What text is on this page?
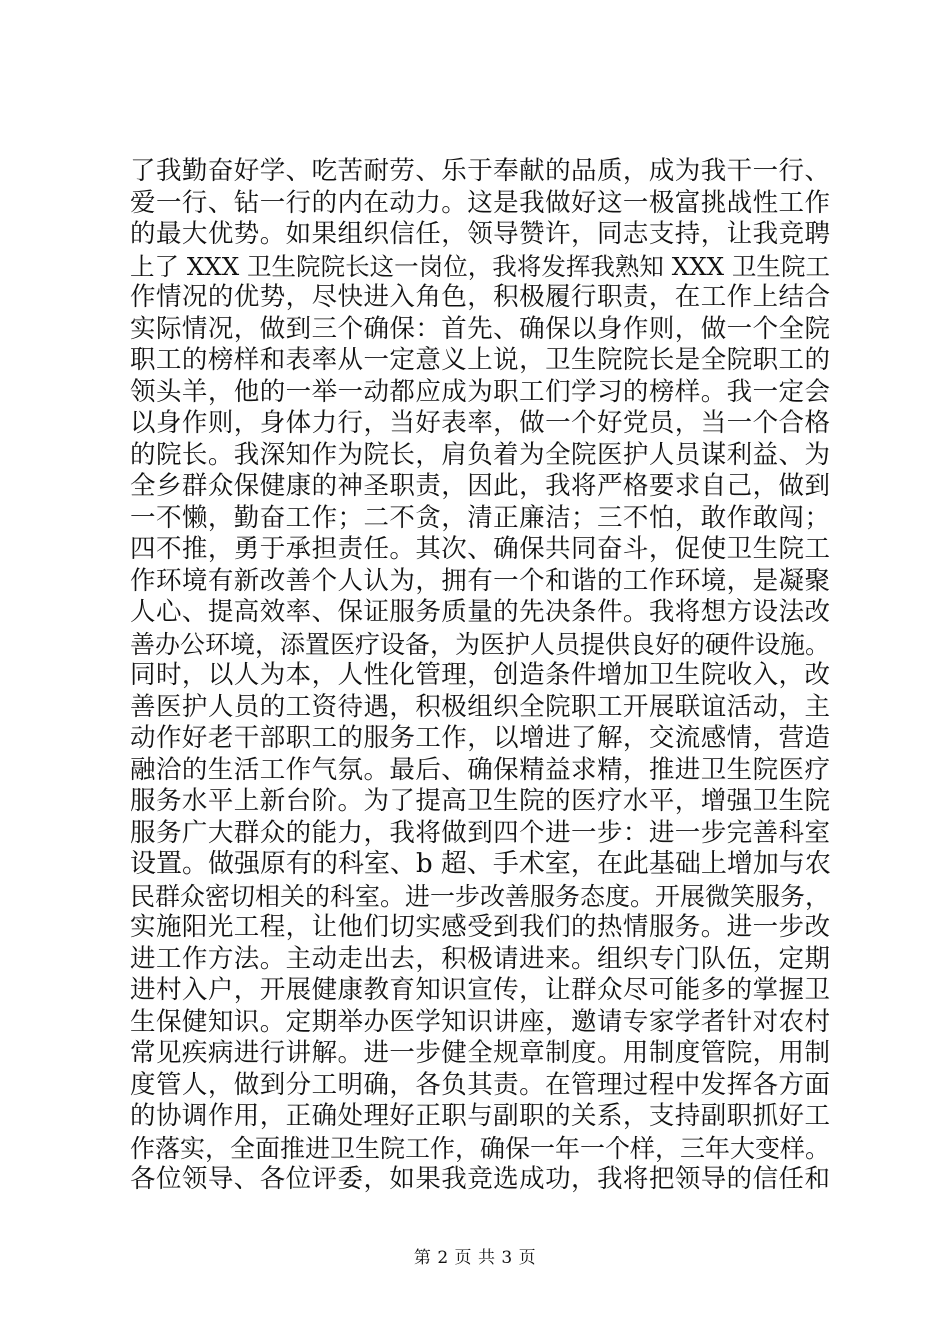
了我勤奋好学、吃苦耐劳、乐于奉献的品质，成为我干一行、
爱一行、钻一行的内在动力。这是我做好这一极富挑战性工作
的最大优势。如果组织信任，领导赞许，同志支持，让我竞聘
上了 XXX 卫生院院长这一岗位，我将发挥我熟知 XXX 卫生院工
作情况的优势，尽快进入角色，积极履行职责，在工作上结合
实际情况，做到三个确保：首先、确保以身作则，做一个全院
职工的榜样和表率从一定意义上说，卫生院院长是全院职工的
领头羊，他的一举一动都应成为职工们学习的榜样。我一定会
以身作则，身体力行，当好表率，做一个好党员，当一个合格
的院长。我深知作为院长，肩负着为全院医护人员谋利益、为
全乡群众保健康的神圣职责，因此，我将严格要求自己，做到
一不懒，勤奋工作；二不贪，清正廉洁；三不怕，敢作敢闯；
四不推，勇于承担责任。其次、确保共同奋斗，促使卫生院工
作环境有新改善个人认为，拥有一个和谐的工作环境，是凝聚
人心、提高效率、保证服务质量的先决条件。我将想方设法改
善办公环境，添置医疗设备，为医护人员提供良好的硬件设施。
同时，以人为本，人性化管理，创造条件增加卫生院收入，改
善医护人员的工资待遇，积极组织全院职工开展联谊活动，主
动作好老干部职工的服务工作，以增进了解，交流感情，营造
融洽的生活工作气氛。最后、确保精益求精，推进卫生院医疗
服务水平上新台阶。为了提高卫生院的医疗水平，增强卫生院
服务广大群众的能力，我将做到四个进一步：进一步完善科室
设置。做强原有的科室、b 超、手术室，在此基础上增加与农
民群众密切相关的科室。进一步改善服务态度。开展微笑服务，
实施阳光工程，让他们切实感受到我们的热情服务。进一步改
进工作方法。主动走出去，积极请进来。组织专门队伍，定期
进村入户，开展健康教育知识宣传，让群众尽可能多的掌握卫
生保健知识。定期举办医学知识讲座，邀请专家学者针对农村
常见疾病进行讲解。进一步健全规章制度。用制度管院，用制
度管人，做到分工明确，各负其责。在管理过程中发挥各方面
的协调作用，正确处理好正职与副职的关系，支持副职抓好工
作落实，全面推进卫生院工作，确保一年一个样，三年大变样。
各位领导、各位评委，如果我竞选成功，我将把领导的信任和
第 2 页 共 3 页
